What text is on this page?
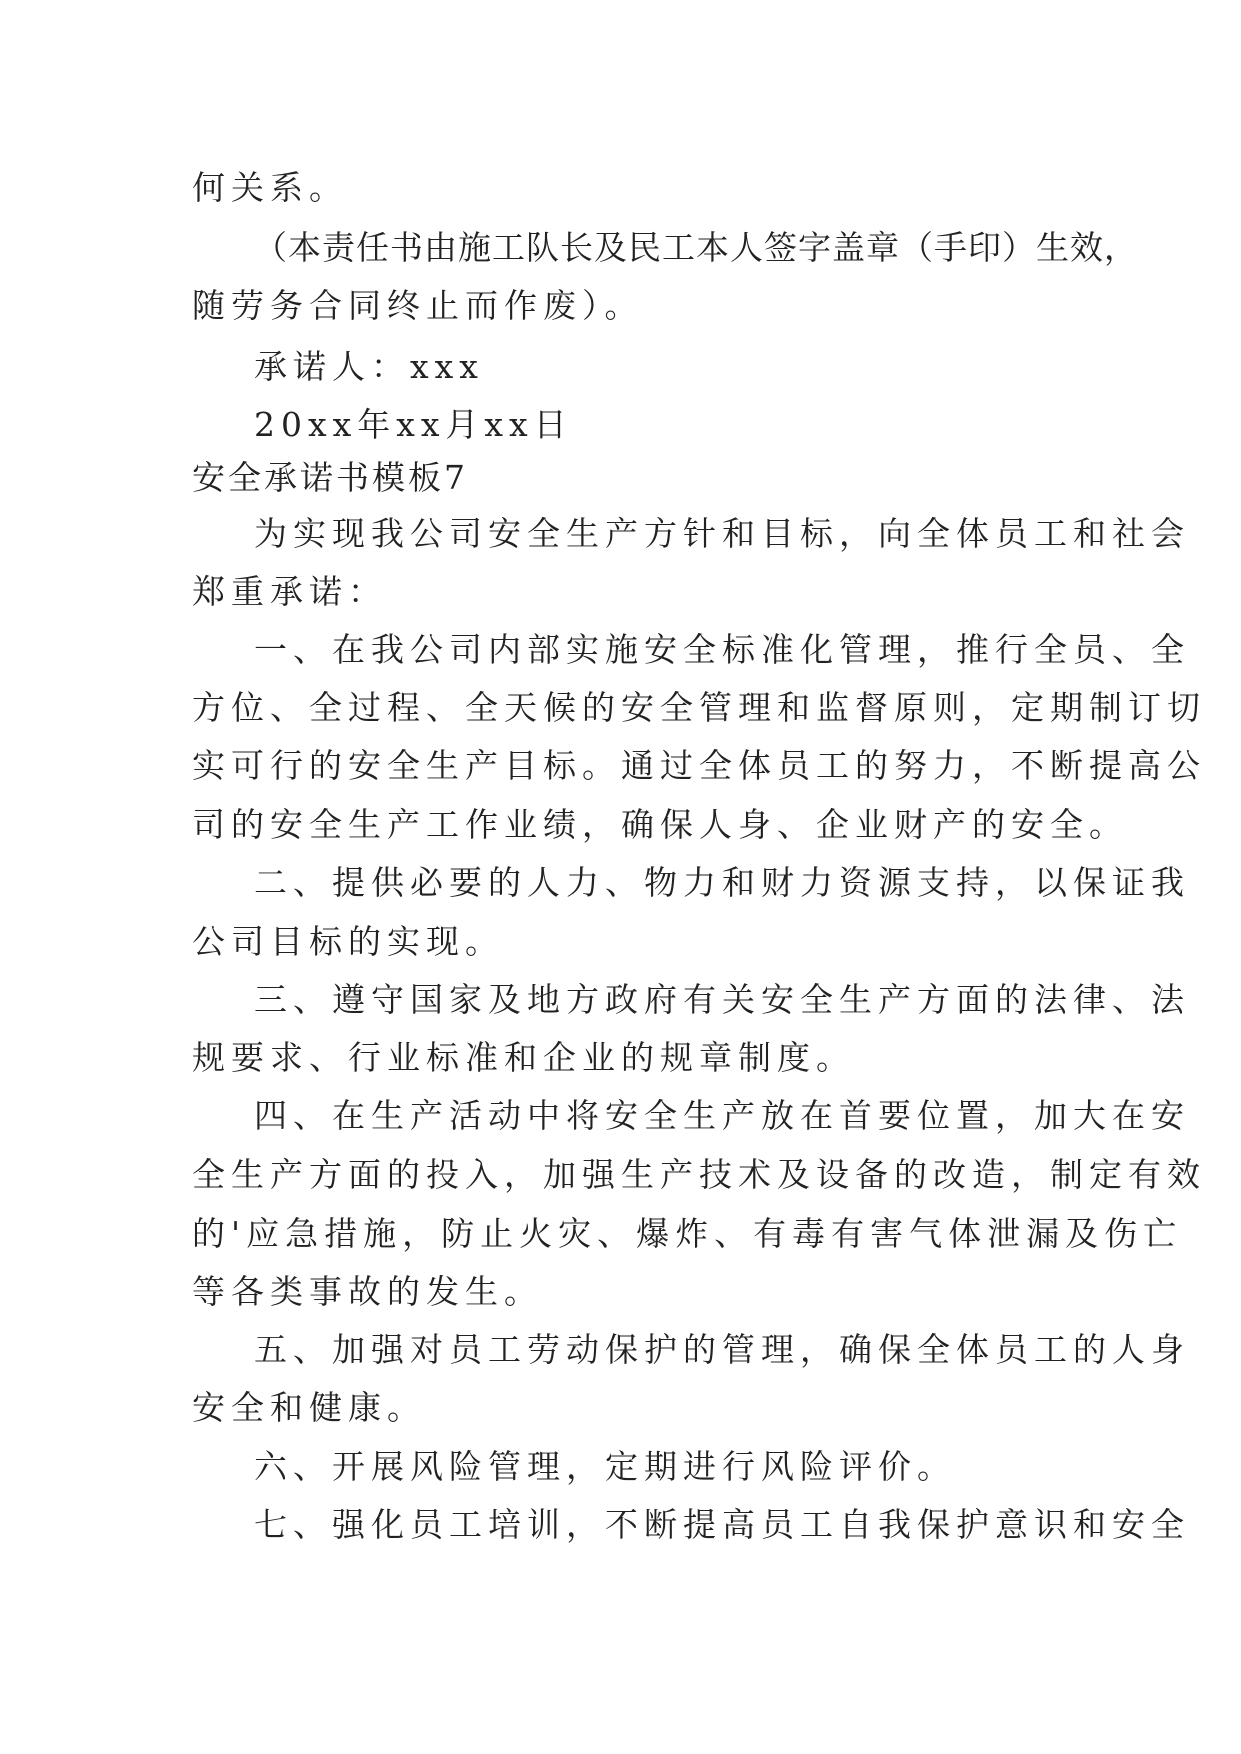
何关系。
（本责任书由施工队长及民工本人签字盖章（手印）生效，
随劳务合同终止而作废）。
承诺人：xxx
20xx年xx月xx日
安全承诺书模板7
为实现我公司安全生产方针和目标，向全体员工和社会
郑重承诺：
一、在我公司内部实施安全标准化管理，推行全员、全
方位、全过程、全天候的安全管理和监督原则，定期制订切
实可行的安全生产目标。通过全体员工的努力，不断提高公
司的安全生产工作业绩，确保人身、企业财产的安全。
二、提供必要的人力、物力和财力资源支持，以保证我
公司目标的实现。
三、遵守国家及地方政府有关安全生产方面的法律、法
规要求、行业标准和企业的规章制度。
四、在生产活动中将安全生产放在首要位置，加大在安
全生产方面的投入，加强生产技术及设备的改造，制定有效
的'应急措施，防止火灾、爆炸、有毒有害气体泄漏及伤亡
等各类事故的发生。
五、加强对员工劳动保护的管理，确保全体员工的人身
安全和健康。
六、开展风险管理，定期进行风险评价。
七、强化员工培训，不断提高员工自我保护意识和安全
